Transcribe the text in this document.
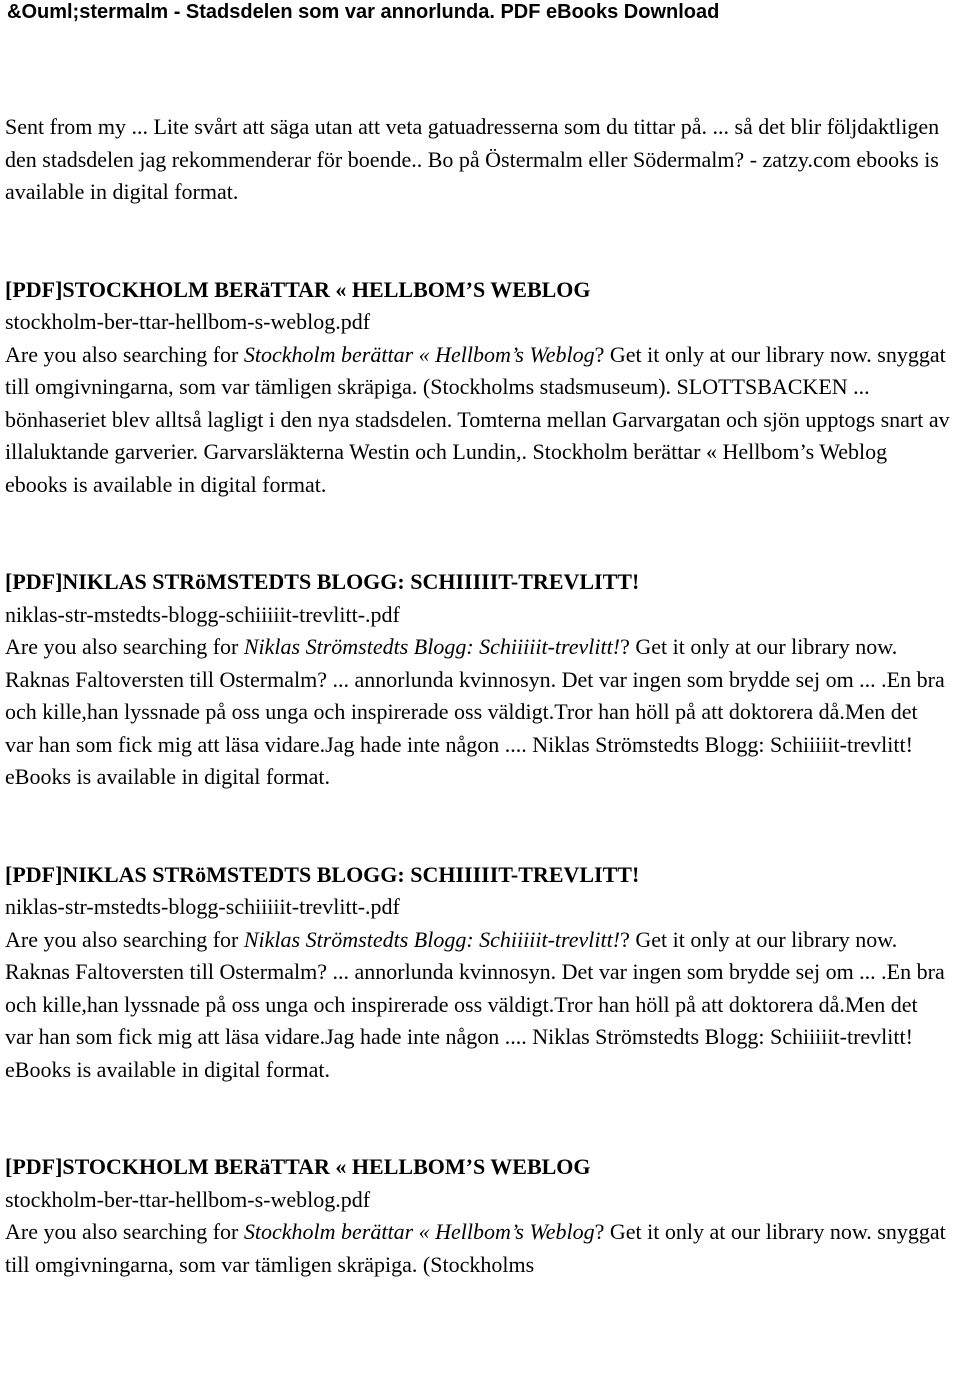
&Ouml;stermalm - Stadsdelen som var annorlunda. PDF eBooks Download

Sent from my ... Lite svårt att säga utan att veta gatuadresserna som du tittar på. ... så det blir följdaktligen den stadsdelen jag rekommenderar för boende.. Bo på Östermalm eller Södermalm? - zatzy.com ebooks is available in digital format.

[PDF]STOCKHOLM BERäTTAR « HELLBOM’S WEBLOG

stockholm-ber-ttar-hellbom-s-weblog.pdf

Are you also searching for Stockholm berättar « Hellbom’s Weblog? Get it only at our library now. snyggat till omgivningarna, som var tämligen skräpiga. (Stockholms stadsmuseum). SLOTTSBACKEN ... bönhaseriet blev alltså lagligt i den nya stadsdelen. Tomterna mellan Garvargatan och sjön upptogs snart av illaluktande garverier. Garvarsläkterna Westin och Lundin,. Stockholm berättar « Hellbom’s Weblog ebooks is available in digital format.

[PDF]NIKLAS STRöMSTEDTS BLOGG: SCHIIIIIT-TREVLITT!

niklas-str-mstedts-blogg-schiiiiit-trevlitt-.pdf

Are you also searching for Niklas Strömstedts Blogg: Schiiiiit-trevlitt!? Get it only at our library now. Raknas Faltoversten till Ostermalm? ... annorlunda kvinnosyn. Det var ingen som brydde sej om ... .En bra och kille,han lyssnade på oss unga och inspirerade oss väldigt.Tror han höll på att doktorera då.Men det var han som fick mig att läsa vidare.Jag hade inte någon .... Niklas Strömstedts Blogg: Schiiiiit-trevlitt! eBooks is available in digital format.

[PDF]NIKLAS STRöMSTEDTS BLOGG: SCHIIIIIT-TREVLITT!

niklas-str-mstedts-blogg-schiiiiit-trevlitt-.pdf

Are you also searching for Niklas Strömstedts Blogg: Schiiiiit-trevlitt!? Get it only at our library now. Raknas Faltoversten till Ostermalm? ... annorlunda kvinnosyn. Det var ingen som brydde sej om ... .En bra och kille,han lyssnade på oss unga och inspirerade oss väldigt.Tror han höll på att doktorera då.Men det var han som fick mig att läsa vidare.Jag hade inte någon .... Niklas Strömstedts Blogg: Schiiiiit-trevlitt! eBooks is available in digital format.

[PDF]STOCKHOLM BERäTTAR « HELLBOM’S WEBLOG

stockholm-ber-ttar-hellbom-s-weblog.pdf

Are you also searching for Stockholm berättar « Hellbom’s Weblog? Get it only at our library now. snyggat till omgivningarna, som var tämligen skräpiga. (Stockholms
